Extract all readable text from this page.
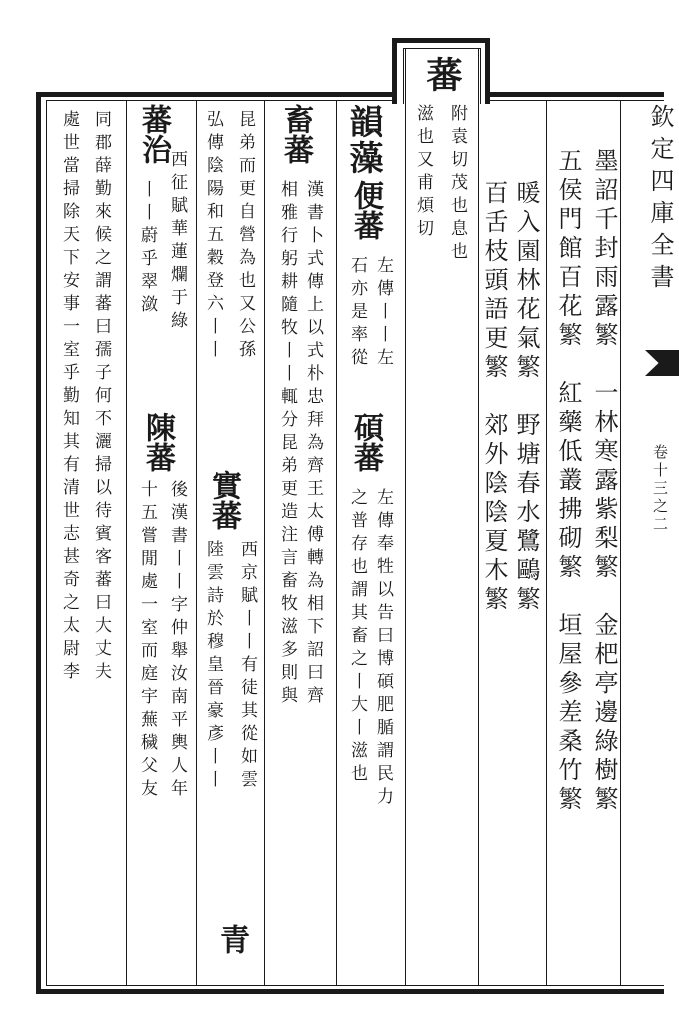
欽定四庫全書
卷十三之二
蕃
附袁切茂也息也
滋也又甫煩切	墨詔千封雨露繁　一林寒露紫梨繁　金杷亭邊綠樹繁
五侯門館百花繁　紅藥低叢拂砌繁　垣屋參差桑竹繁
暖入園林花氣繁　野塘春水鷺鷗繁
百舌枝頭語更繁　郊外陰陰夏木繁
韻藻
便蕃
左傳丨丨左
石亦是率從
碩蕃
左傳奉牲以告曰博碩肥腯謂民力
之普存也謂其畜之丨大丨滋也
畜蕃
漢書卜式傳上以式朴忠拜為齊王太傅轉為相下詔曰齊
相雅行躬耕隨牧丨丨輒分昆弟更造注言畜牧滋多則與
昆弟而更自營為也又公孫
實蕃
西京賦丨丨有徒其從如雲
青
弘傳陰陽和五穀登六丨丨
陸雲詩於穆皇晉豪彥丨丨
蕃治
西征賦華蓮爛于綠
丨丨蔚乎翠潋
陳蕃
後漢書丨丨字仲舉汝南平輿人年
十五嘗閒處一室而庭宇蕪穢父友
同郡薛勤來候之謂蕃曰孺子何不灑掃以待賓客蕃曰大丈夫
處世當掃除天下安事一室乎勤知其有清世志甚奇之太尉李
